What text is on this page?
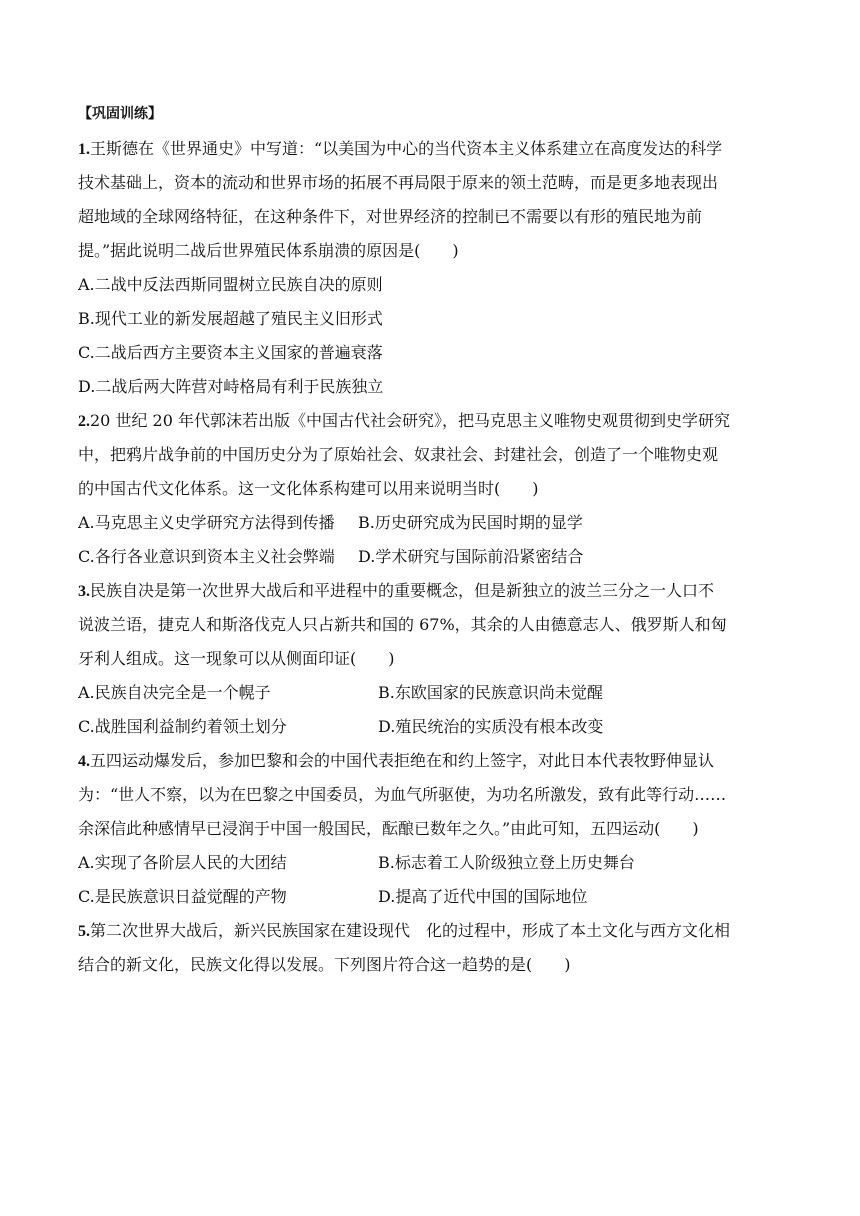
【巩固训练】
1.王斯德在《世界通史》中写道：“以美国为中心的当代资本主义体系建立在高度发达的科学
技术基础上，资本的流动和世界市场的拓展不再局限于原来的领土范畴，而是更多地表现出
超地域的全球网络特征，在这种条件下，对世界经济的控制已不需要以有形的殖民地为前
提。”据此说明二战后世界殖民体系崩溃的原因是(　　)
A.二战中反法西斯同盟树立民族自决的原则
B.现代工业的新发展超越了殖民主义旧形式
C.二战后西方主要资本主义国家的普遍衰落
D.二战后两大阵营对峙格局有利于民族独立
2.20 世纪 20 年代郭沫若出版《中国古代社会研究》，把马克思主义唯物史观贯彻到史学研究
中，把鸦片战争前的中国历史分为了原始社会、奴隶社会、封建社会，创造了一个唯物史观
的中国古代文化体系。这一文化体系构建可以用来说明当时(　　)
A.马克思主义史学研究方法得到传播	B.历史研究成为民国时期的显学
C.各行各业意识到资本主义社会弊端	D.学术研究与国际前沿紧密结合
3.民族自决是第一次世界大战后和平进程中的重要概念，但是新独立的波兰三分之一人口不
说波兰语，捷克人和斯洛伐克人只占新共和国的 67%，其余的人由德意志人、俄罗斯人和匈
牙利人组成。这一现象可以从侧面印证(　　)
A.民族自决完全是一个幌子	B.东欧国家的民族意识尚未觉醒
C.战胜国利益制约着领土划分	D.殖民统治的实质没有根本改变
4.五四运动爆发后，参加巴黎和会的中国代表拒绝在和约上签字，对此日本代表牧野伸显认
为：“世人不察，以为在巴黎之中国委员，为血气所驱使，为功名所激发，致有此等行动……
余深信此种感情早已浸润于中国一般国民，酝酿已数年之久。”由此可知，五四运动(　　)
A.实现了各阶层人民的大团结	B.标志着工人阶级独立登上历史舞台
C.是民族意识日益觉醒的产物	D.提高了近代中国的国际地位
5.第二次世界大战后，新兴民族国家在建设现代　化的过程中，形成了本土文化与西方文化相
结合的新文化，民族文化得以发展。下列图片符合这一趋势的是(　　)
